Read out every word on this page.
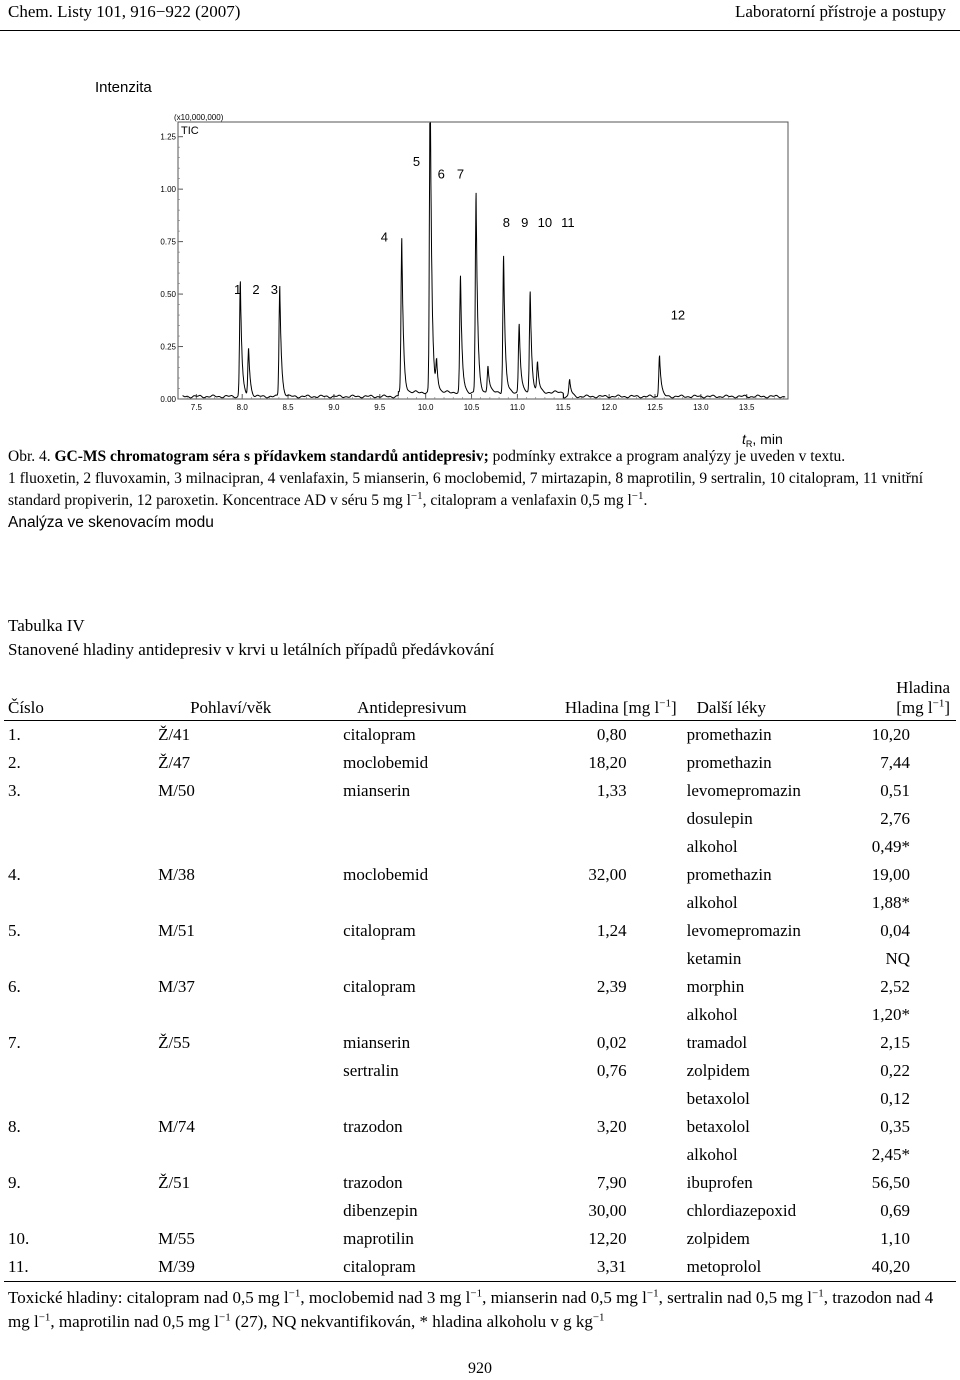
Chem. Listy 101, 916−922 (2007)	Laboratorní přístroje a postupy
Intenzita
0.00
0.25
0.50
0.75
1.00
1.25
7.5	8.0	8.5	9.0	9.5	10.0	10.5	11.0	11.5	12.0	12.5	13.0	13.5
(x10,000,000)
TIC
1 2 3
4
5
6 7
8 9 10 11
12
$t_R$, min
Obr. 4. GC-MS chromatogram séra s přídavkem standardů antidepresiv; podmínky extrakce a program analýzy je uveden v textu.
1 fluoxetin, 2 fluvoxamin, 3 milnacipran, 4 venlafaxin, 5 mianserin, 6 moclobemid, 7 mirtazapin, 8 maprotilin, 9 sertralin, 10 citalopram, 11 vnitřní standard propiverin, 12 paroxetin. Koncentrace AD v séru 5 mg $l^{-1}$, citalopram a venlafaxin 0,5 mg $l^{-1}$.
Analýza ve skenovacím modu
Tabulka IV
Stanovené hladiny antidepresiv v krvi u letálních případů předávkování
Číslo	Pohlaví/věk	Antidepresivum	Hladina [mg $l^{-1}$]	Další léky	Hladina [mg $l^{-1}$]
1.	Ž/41	citalopram	0,80	promethazin	10,20
2.	Ž/47	moclobemid	18,20	promethazin	7,44
3.	M/50	mianserin	1,33	levomepromazin	0,51
				dosulepin	2,76
				alkohol	0,49*
4.	M/38	moclobemid	32,00	promethazin	19,00
				alkohol	1,88*
5.	M/51	citalopram	1,24	levomepromazin	0,04
				ketamin	NQ
6.	M/37	citalopram	2,39	morphin	2,52
				alkohol	1,20*
7.	Ž/55	mianserin	0,02	tramadol	2,15
		sertralin	0,76	zolpidem	0,22
				betaxolol	0,12
8.	M/74	trazodon	3,20	betaxolol	0,35
				alkohol	2,45*
9.	Ž/51	trazodon	7,90	ibuprofen	56,50
		dibenzepin	30,00	chlordiazepoxid	0,69
10.	M/55	maprotilin	12,20	zolpidem	1,10
11.	M/39	citalopram	3,31	metoprolol	40,20
Toxické hladiny: citalopram nad 0,5 mg $l^{-1}$, moclobemid nad 3 mg $l^{-1}$, mianserin nad 0,5 mg $l^{-1}$, sertralin nad 0,5 mg $l^{-1}$, trazodon nad 4 mg $l^{-1}$, maprotilin nad 0,5 mg $l^{-1}$ (27), NQ nekvantifikován, * hladina alkoholu v g $kg^{-1}$
920
